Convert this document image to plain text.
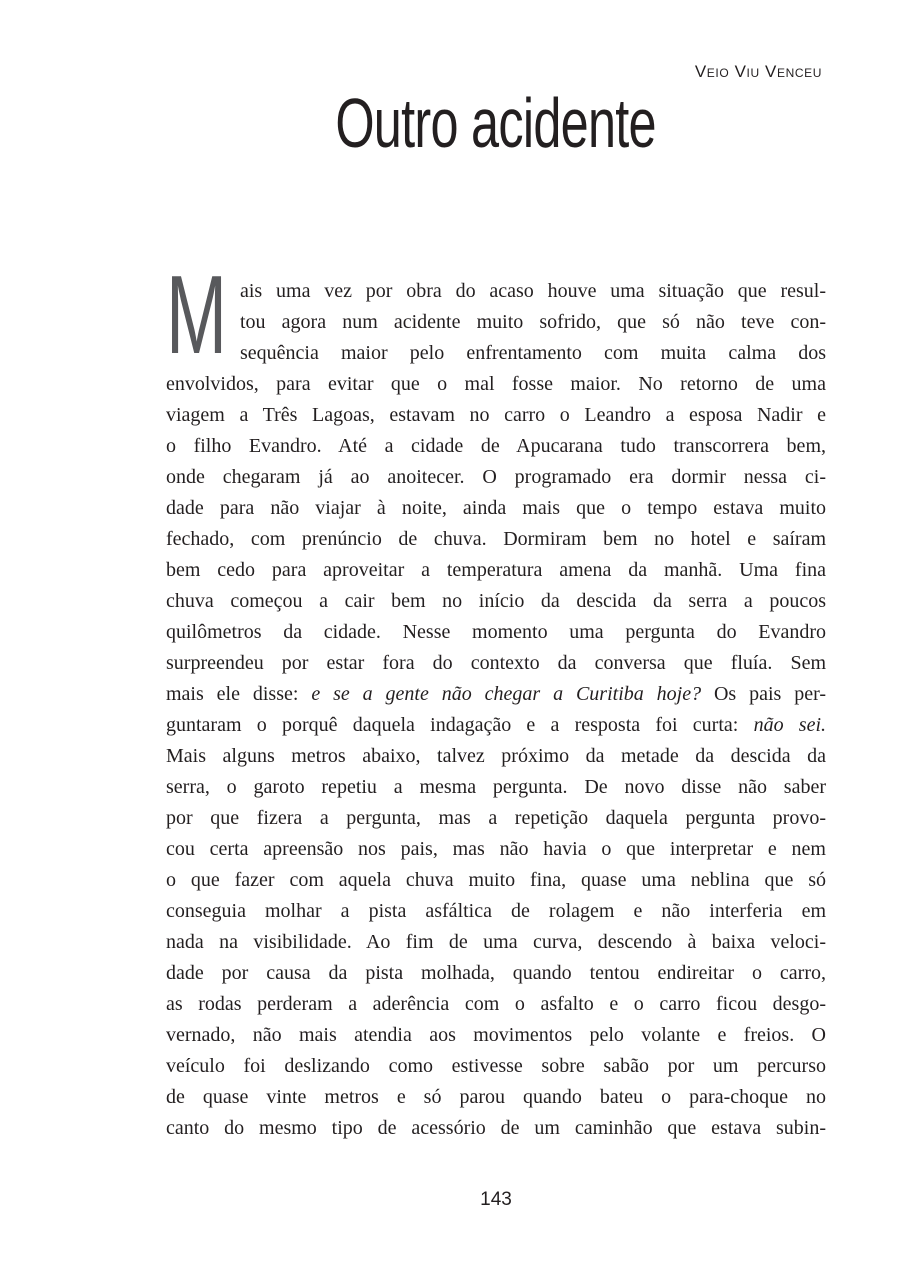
Veio Viu Venceu
Outro acidente
M ais uma vez por obra do acaso houve uma situação que resul-
tou agora num acidente muito sofrido, que só não teve con-
sequência maior pelo enfrentamento com muita calma dos
envolvidos, para evitar que o mal fosse maior. No retorno de uma
viagem a Três Lagoas, estavam no carro o Leandro a esposa Nadir e
o filho Evandro. Até a cidade de Apucarana tudo transcorrera bem,
onde chegaram já ao anoitecer. O programado era dormir nessa ci-
dade para não viajar à noite, ainda mais que o tempo estava muito
fechado, com prenúncio de chuva. Dormiram bem no hotel e saíram
bem cedo para aproveitar a temperatura amena da manhã. Uma fina
chuva começou a cair bem no início da descida da serra a poucos
quilômetros da cidade. Nesse momento uma pergunta do Evandro
surpreendeu por estar fora do contexto da conversa que fluía. Sem
mais ele disse: e se a gente não chegar a Curitiba hoje? Os pais per-
guntaram o porquê daquela indagação e a resposta foi curta: não sei.
Mais alguns metros abaixo, talvez próximo da metade da descida da
serra, o garoto repetiu a mesma pergunta. De novo disse não saber
por que fizera a pergunta, mas a repetição daquela pergunta provo-
cou certa apreensão nos pais, mas não havia o que interpretar e nem
o que fazer com aquela chuva muito fina, quase uma neblina que só
conseguia molhar a pista asfáltica de rolagem e não interferia em
nada na visibilidade. Ao fim de uma curva, descendo à baixa veloci-
dade por causa da pista molhada, quando tentou endireitar o carro,
as rodas perderam a aderência com o asfalto e o carro ficou desgo-
vernado, não mais atendia aos movimentos pelo volante e freios. O
veículo foi deslizando como estivesse sobre sabão por um percurso
de quase vinte metros e só parou quando bateu o para-choque no
canto do mesmo tipo de acessório de um caminhão que estava subin-
143
